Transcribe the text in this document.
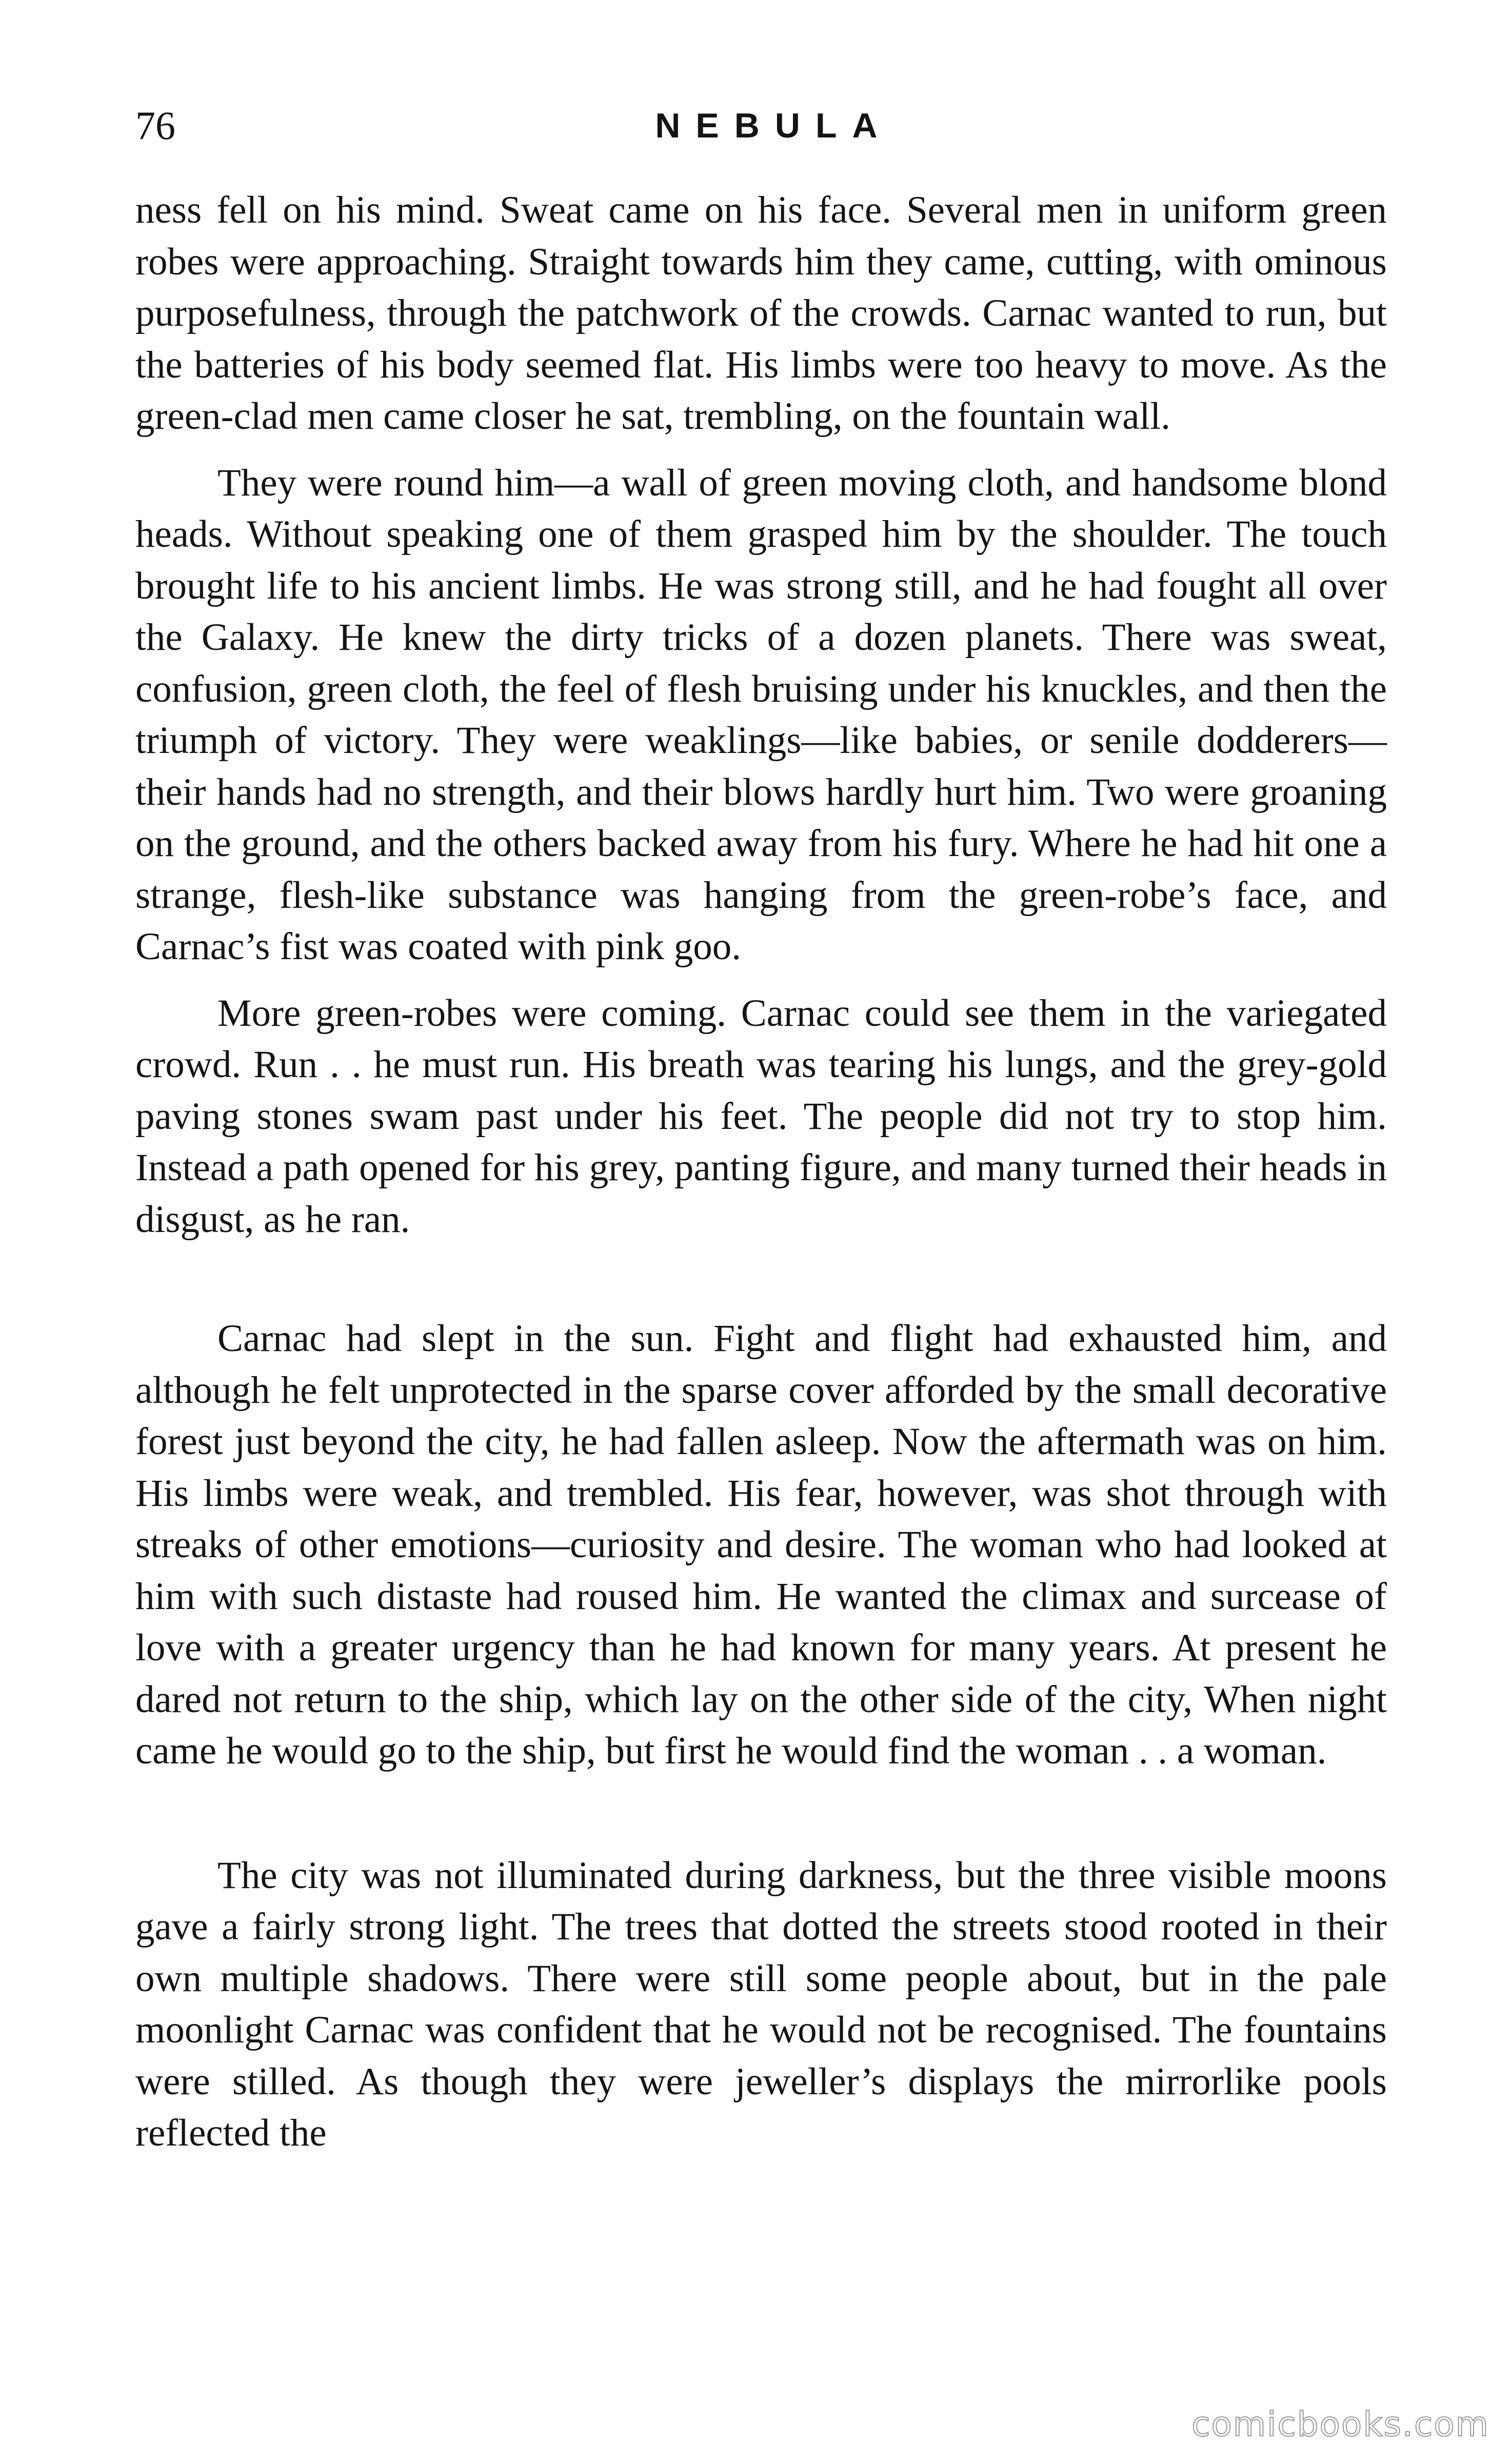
76	NEBULA

ness fell on his mind. Sweat came on his face. Several men in uniform green robes were approaching. Straight towards him they came, cutting, with ominous purposefulness, through the patchwork of the crowds. Carnac wanted to run, but the batteries of his body seemed flat. His limbs were too heavy to move. As the green-clad men came closer he sat, trembling, on the fountain wall.

They were round him—a wall of green moving cloth, and handsome blond heads. Without speaking one of them grasped him by the shoulder. The touch brought life to his ancient limbs. He was strong still, and he had fought all over the Galaxy. He knew the dirty tricks of a dozen planets. There was sweat, confusion, green cloth, the feel of flesh bruising under his knuckles, and then the triumph of victory. They were weaklings—like babies, or senile dodderers—their hands had no strength, and their blows hardly hurt him. Two were groaning on the ground, and the others backed away from his fury. Where he had hit one a strange, flesh-like substance was hanging from the green-robe’s face, and Carnac’s fist was coated with pink goo.

More green-robes were coming. Carnac could see them in the variegated crowd. Run . . he must run. His breath was tearing his lungs, and the grey-gold paving stones swam past under his feet. The people did not try to stop him. Instead a path opened for his grey, panting figure, and many turned their heads in disgust, as he ran.

Carnac had slept in the sun. Fight and flight had exhausted him, and although he felt unprotected in the sparse cover afforded by the small decorative forest just beyond the city, he had fallen asleep. Now the aftermath was on him. His limbs were weak, and trembled. His fear, however, was shot through with streaks of other emotions—curiosity and desire. The woman who had looked at him with such distaste had roused him. He wanted the climax and surcease of love with a greater urgency than he had known for many years. At present he dared not return to the ship, which lay on the other side of the city, When night came he would go to the ship, but first he would find the woman . . a woman.

The city was not illuminated during darkness, but the three visible moons gave a fairly strong light. The trees that dotted the streets stood rooted in their own multiple shadows. There were still some people about, but in the pale moonlight Carnac was confident that he would not be recognised. The fountains were stilled. As though they were jeweller’s displays the mirrorlike pools reflected the

comicbooks.com
